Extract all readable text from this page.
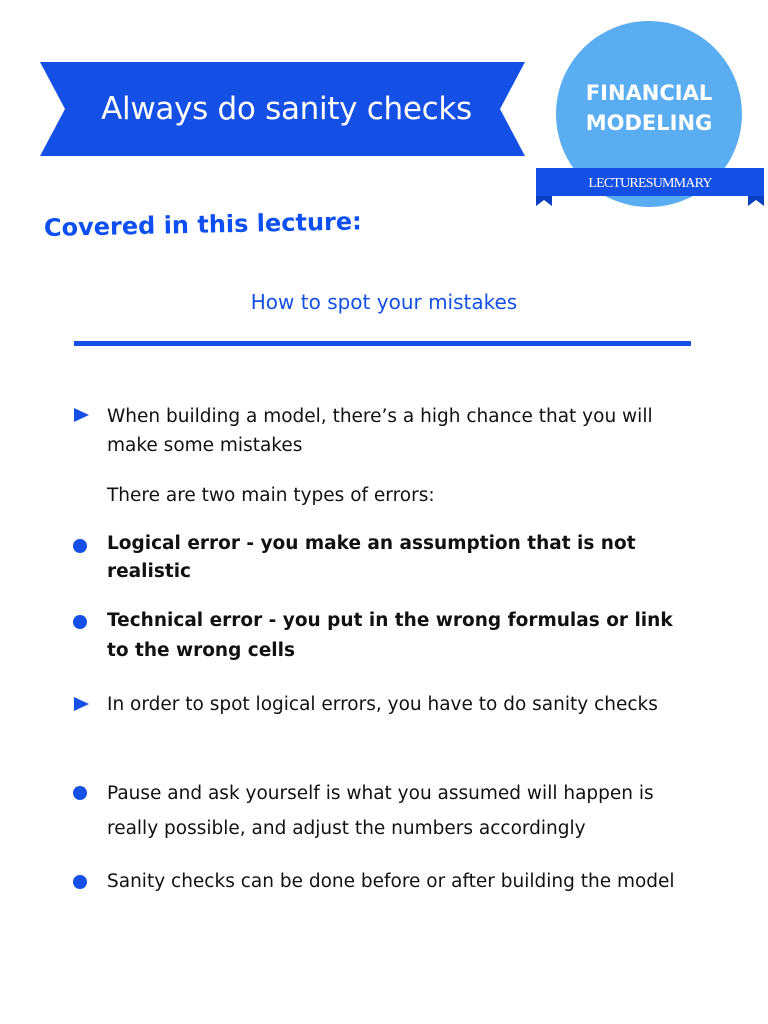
Always do sanity checks	FINANCIAL
MODELING
LECTURESUMMARY
Covered in this lecture:
How to spot your mistakes
When building a model, there’s a high chance that you will make some mistakes
There are two main types of errors:
Logical error - you make an assumption that is not realistic
Technical error - you put in the wrong formulas or link to the wrong cells
In order to spot logical errors, you have to do sanity checks
Pause and ask yourself is what you assumed will happen is really possible, and adjust the numbers accordingly
Sanity checks can be done before or after building the model
